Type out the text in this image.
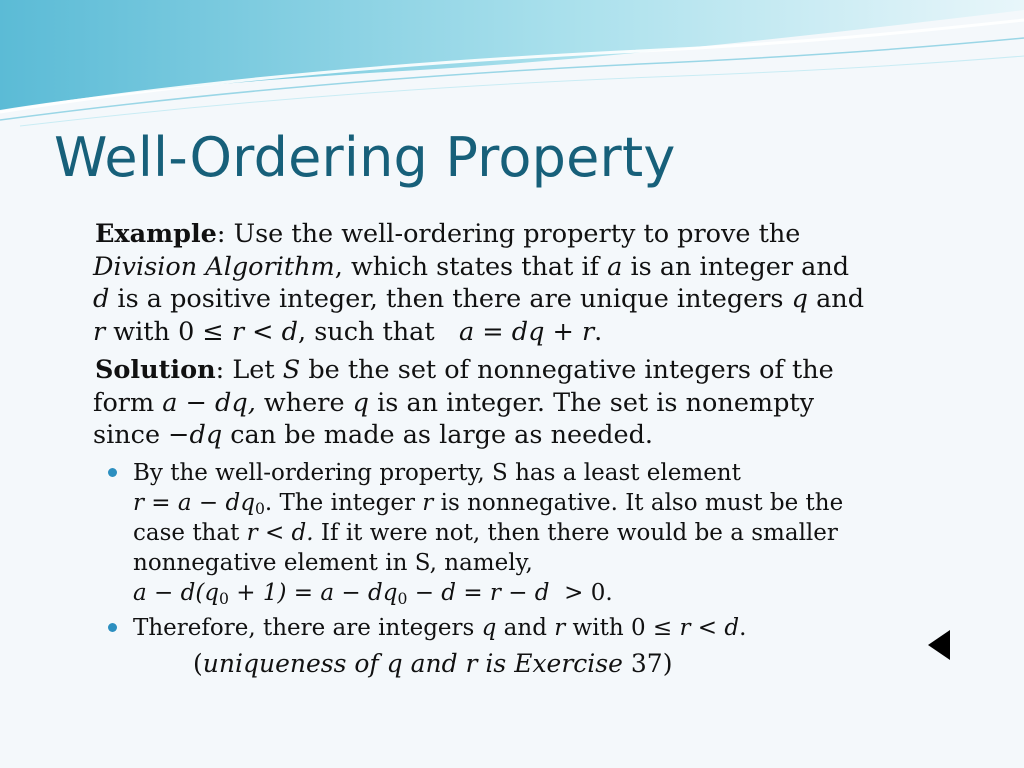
Well-Ordering Property

Example: Use the well-ordering property to prove the
Division Algorithm, which states that if a is an integer and
d is a positive integer, then there are unique integers q and
r with 0 ≤ r < d, such that   a = dq + r.

Solution: Let S be the set of nonnegative integers of the
form a − dq, where q is an integer. The set is nonempty
since −dq can be made as large as needed.

By the well-ordering property, S has a least element
$r = a - dq_0$. The integer r is nonnegative. It also must be the
case that r < d. If it were not, then there would be a smaller
nonnegative element in S, namely,
$a - d(q_0 + 1) = a - dq_0 - d = r - d > 0$.
Therefore, there are integers q and r with 0 ≤ r < d.
(uniqueness of q and r is Exercise 37)
